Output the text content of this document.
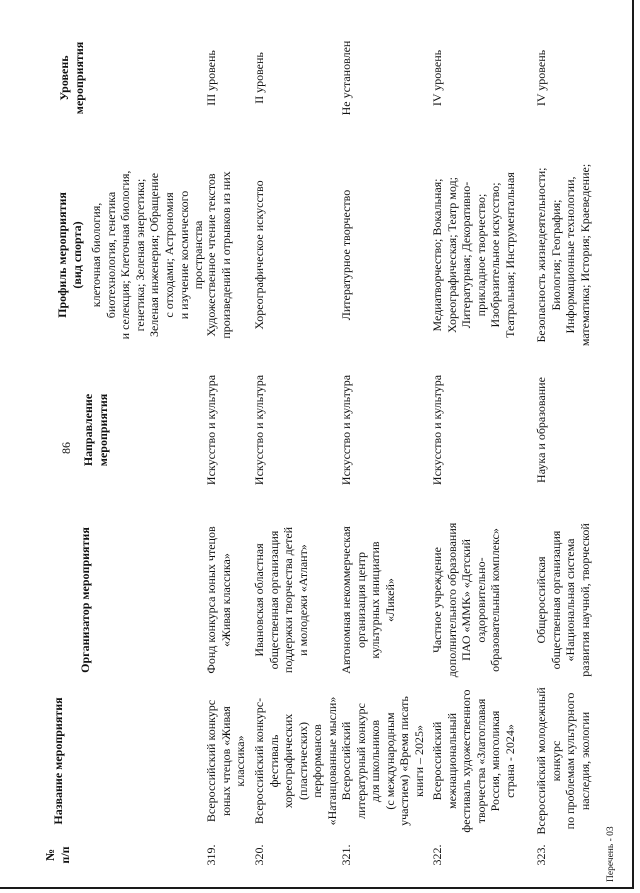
86
№ п/п
Название мероприятия
Организатор мероприятия
Направление мероприятия
Профиль мероприятия (вид спорта)
Уровень мероприятия
клеточная биология, биотехнология, генетика и селекция; Клеточная биология, генетика; Зеленая энергетика; Зеленая инженерия; Обращение с отходами; Астрономия и изучение космического пространства
319.
Всероссийский конкурс юных чтецов «Живая классика»
Фонд конкурса юных чтецов «Живая классика»
Искусство и культура
Художественное чтение текстов произведений и отрывков из них
III уровень
320.
Всероссийский конкурс- фестиваль хореографических (пластических) перформансов «Натанцованные мысли»
Ивановская областная общественная организация поддержки творчества детей и молодежи «Атлант»
Искусство и культура
Хореографическое искусство
II уровень
321.
Всероссийский литературный конкурс для школьников (с международным участием) «Время писать книги – 2025»
Автономная некоммерческая организация центр культурных инициатив «Ликей»
Искусство и культура
Литературное творчество
Не установлен
322.
Всероссийский межнациональный фестиваль художественного творчества «Златоглавая Россия, многоликая страна - 2024»
Частное учреждение дополнительного образования ПАО «ММК» «Детский оздоровительно- образовательный комплекс»
Искусство и культура
Медиатворчество; Вокальная; Хореографическая; Театр мод; Литературная; Декоративно- прикладное творчество; Изобразительное искусство; Театральная; Инструментальная
IV уровень
323.
Всероссийский молодежный конкурс по проблемам культурного наследия, экологии
Общероссийская общественная организация «Национальная система развития научной, творческой
Наука и образование
Безопасность жизнедеятельности; Биология; География; Информационные технологии, математика; История; Краеведение;
IV уровень
Перечень - 03
